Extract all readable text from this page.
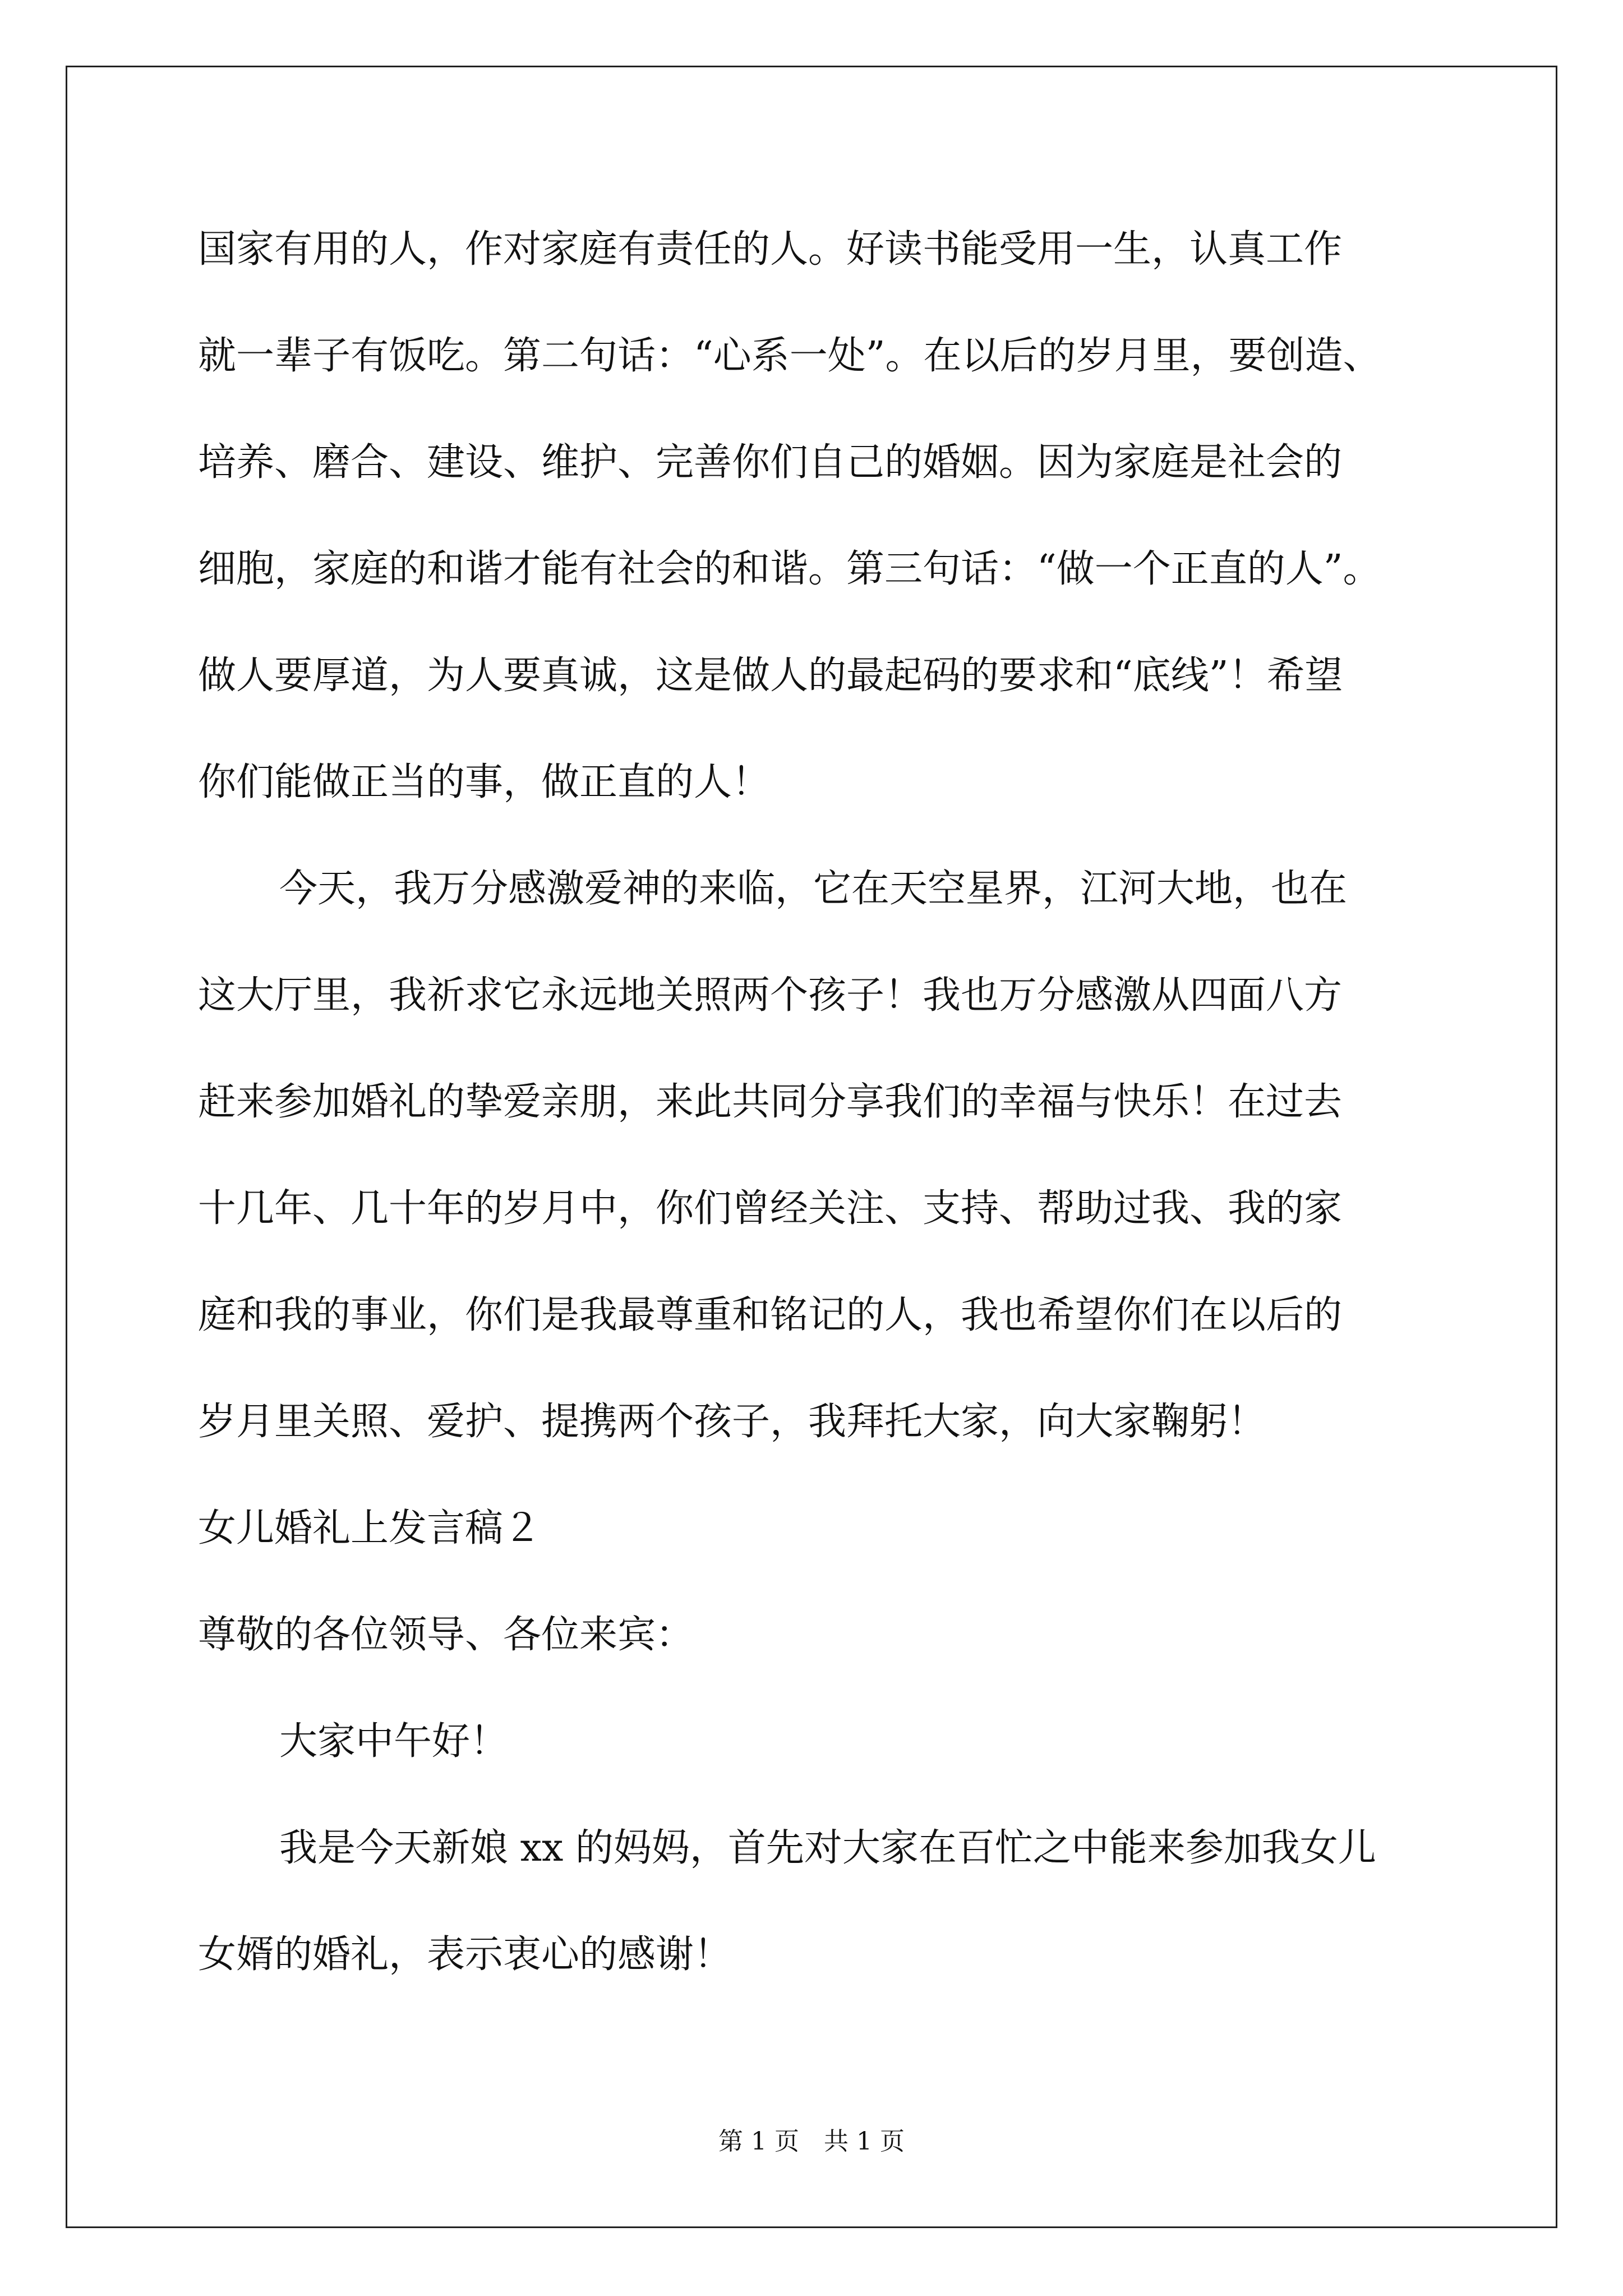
国家有用的人，作对家庭有责任的人。好读书能受用一生，认真工作
就一辈子有饭吃。第二句话：“心系一处”。在以后的岁月里，要创造、
培养、磨合、建设、维护、完善你们自己的婚姻。因为家庭是社会的
细胞，家庭的和谐才能有社会的和谐。第三句话：“做一个正直的人”。
做人要厚道，为人要真诚，这是做人的最起码的要求和“底线”！希望
你们能做正当的事，做正直的人！
今天，我万分感激爱神的来临，它在天空星界，江河大地，也在
这大厅里，我祈求它永远地关照两个孩子！我也万分感激从四面八方
赶来参加婚礼的挚爱亲朋，来此共同分享我们的幸福与快乐！在过去
十几年、几十年的岁月中，你们曾经关注、支持、帮助过我、我的家
庭和我的事业，你们是我最尊重和铭记的人，我也希望你们在以后的
岁月里关照、爱护、提携两个孩子，我拜托大家，向大家鞠躬！
女儿婚礼上发言稿２
尊敬的各位领导、各位来宾：
大家中午好！
我是今天新娘 xx 的妈妈，首先对大家在百忙之中能来参加我女儿
女婿的婚礼，表示衷心的感谢！
第 1 页　共 1 页
